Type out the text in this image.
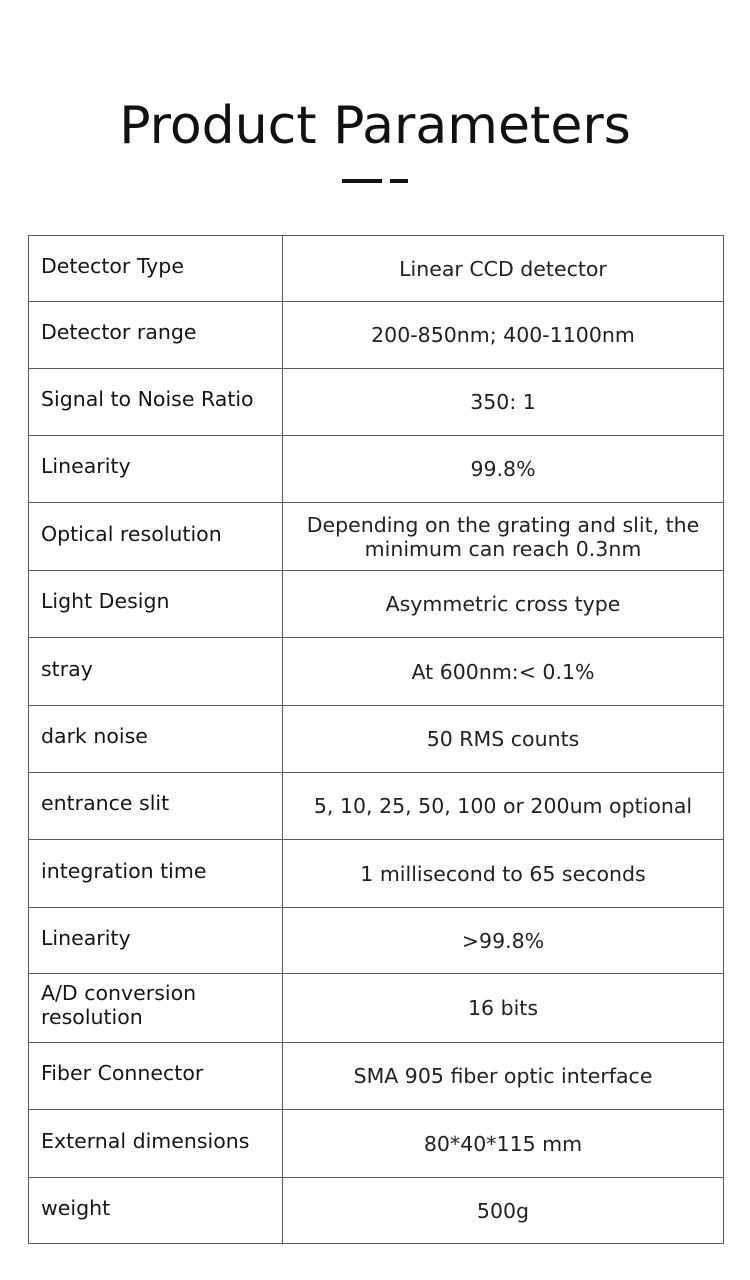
Product Parameters
Detector Type	Linear CCD detector
Detector range	200-850nm; 400-1100nm
Signal to Noise Ratio	350: 1
Linearity	99.8%
Optical resolution	Depending on the grating and slit, the minimum can reach 0.3nm
Light Design	Asymmetric cross type
stray	At 600nm:< 0.1%
dark noise	50 RMS counts
entrance slit	5, 10, 25, 50, 100 or 200um optional
integration time	1 millisecond to 65 seconds
Linearity	>99.8%
A/D conversion resolution	16 bits
Fiber Connector	SMA 905 fiber optic interface
External dimensions	80*40*115 mm
weight	500g
